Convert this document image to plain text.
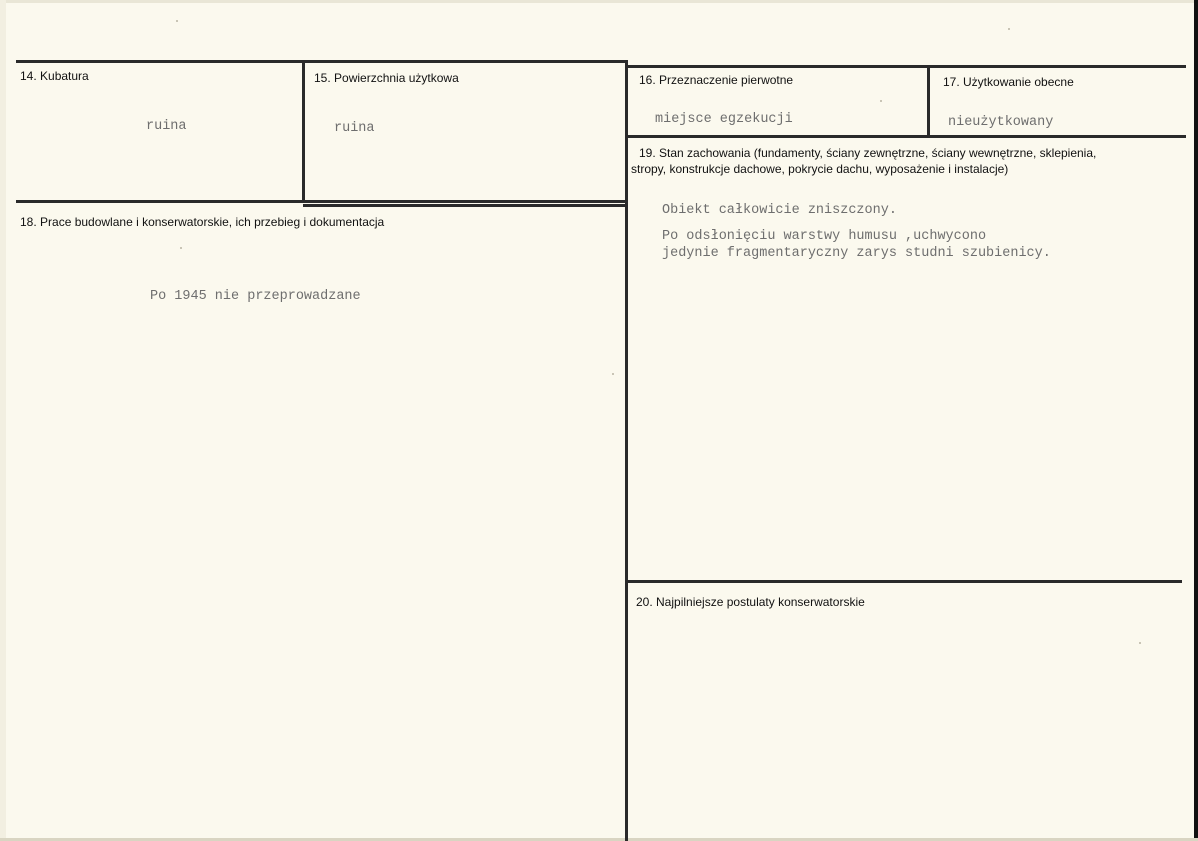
14. Kubatura
ruina
15. Powierzchnia użytkowa
ruina
16. Przeznaczenie pierwotne
miejsce egzekucji
17. Użytkowanie obecne
nieużytkowany
18. Prace budowlane i konserwatorskie, ich przebieg i dokumentacja
Po 1945 nie przeprowadzane
19. Stan zachowania (fundamenty, ściany zewnętrzne, ściany wewnętrzne, sklepienia,
stropy, konstrukcje dachowe, pokrycie dachu, wyposażenie i instalacje)
Obiekt całkowicie zniszczony.
Po odsłonięciu warstwy humusu ,uchwycono
jedynie fragmentaryczny zarys studni szubienicy.
20. Najpilniejsze postulaty konserwatorskie
